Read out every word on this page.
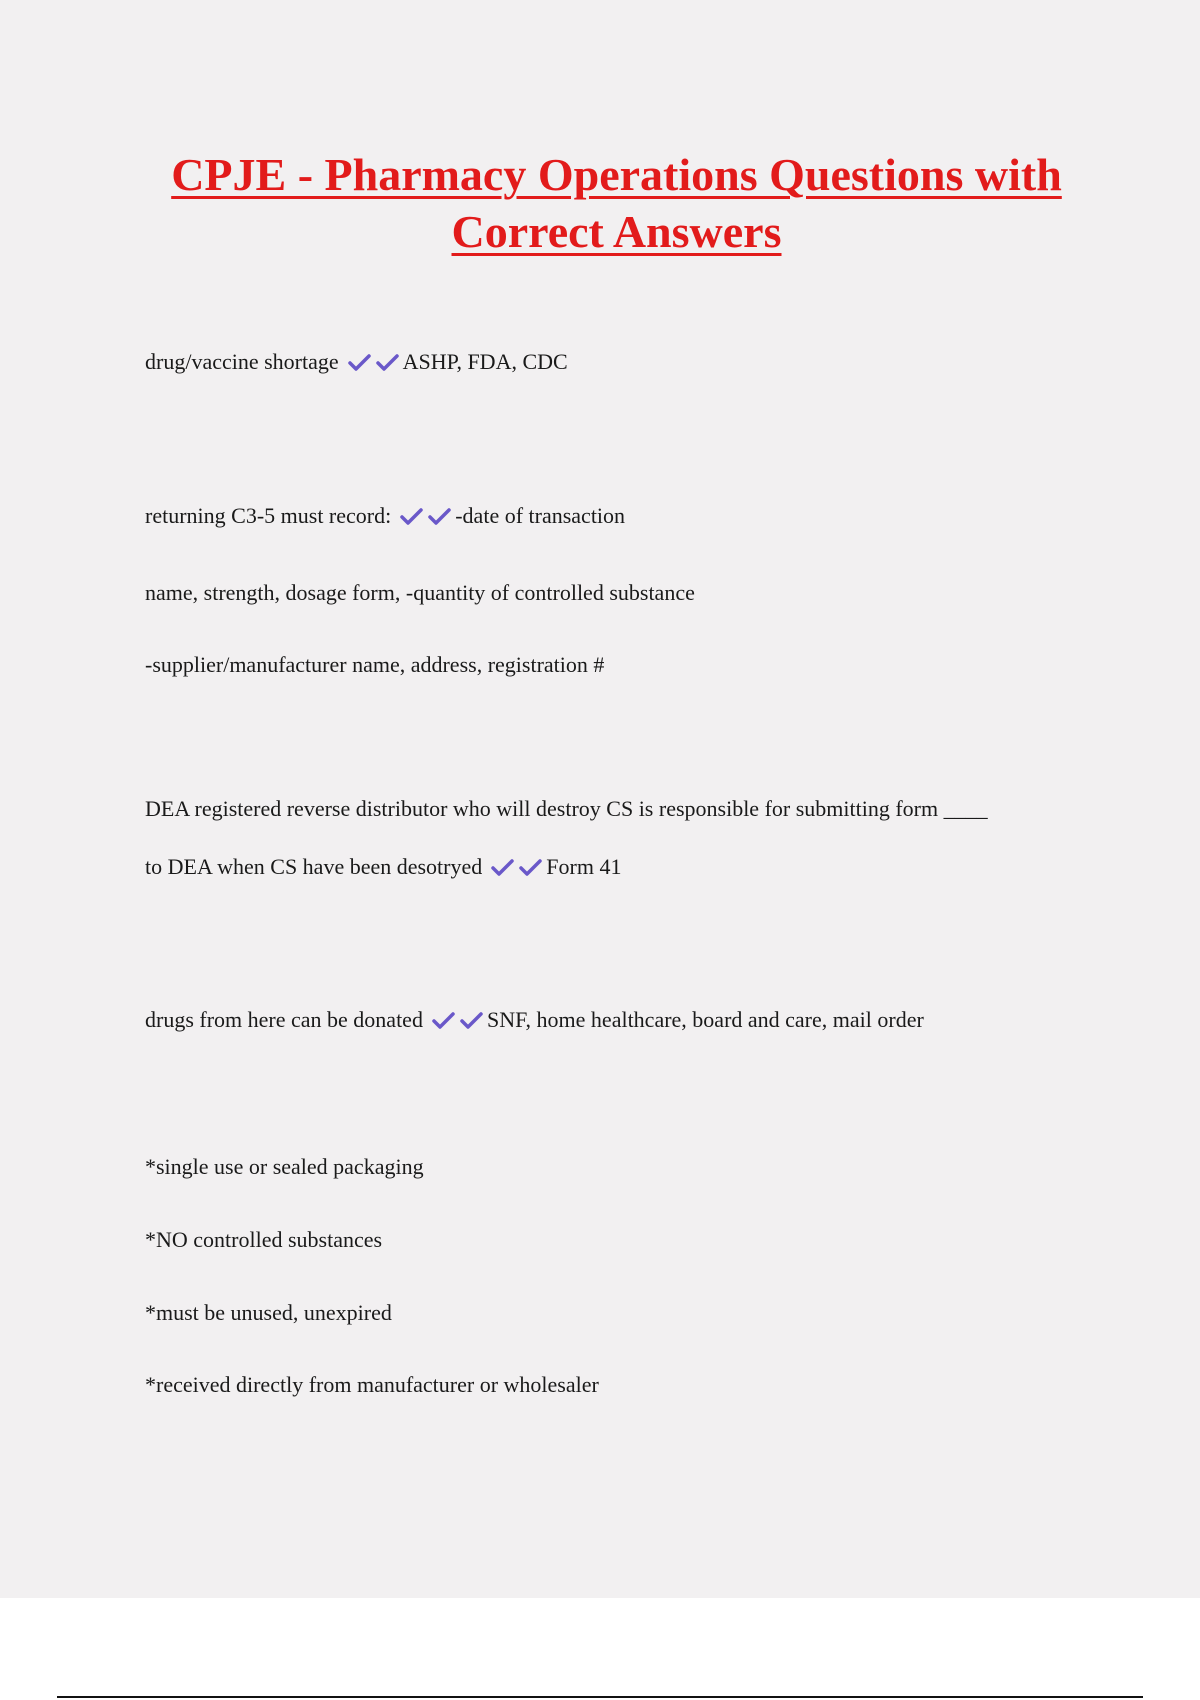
CPJE - Pharmacy Operations Questions with Correct Answers
drug/vaccine shortage	ASHP, FDA, CDC
returning C3-5 must record:	-date of transaction
name, strength, dosage form, -quantity of controlled substance
-supplier/manufacturer name, address, registration #
DEA registered reverse distributor who will destroy CS is responsible for submitting form ____
to DEA when CS have been desotryed	Form 41
drugs from here can be donated	SNF, home healthcare, board and care, mail order
*single use or sealed packaging
*NO controlled substances
*must be unused, unexpired
*received directly from manufacturer or wholesaler
